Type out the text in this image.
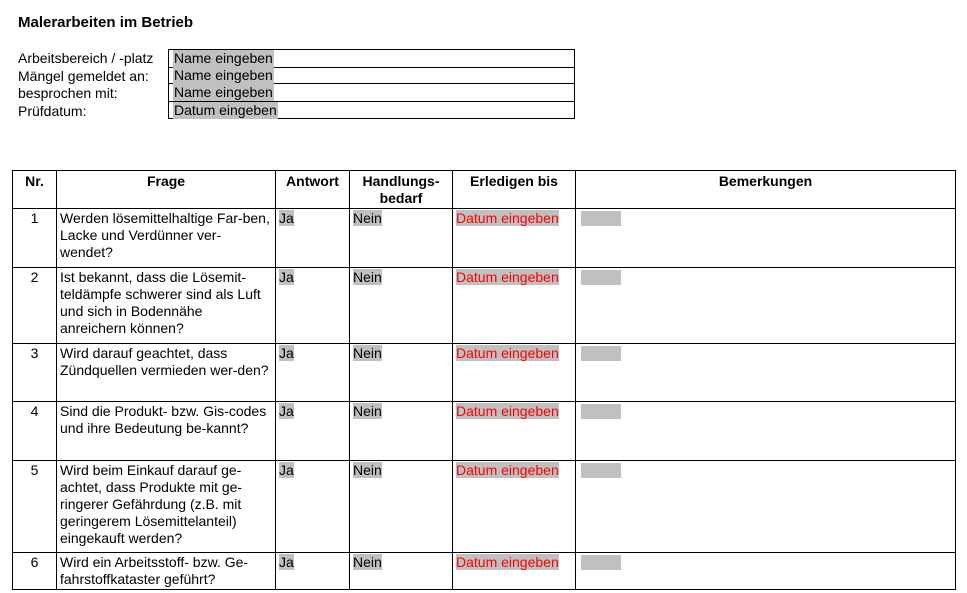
Malerarbeiten im Betrieb
Arbeitsbereich / -platz Name eingeben
Mängel gemeldet an: Name eingeben
besprochen mit:	Name eingeben
Prüfdatum:	Datum eingeben
Nr.	Frage	Antwort	Handlungs-​bedarf	Erledigen bis	Bemerkungen
1	Werden lösemittelhaltige Far-​ben, Lacke und Verdünner ver-​wendet?	Ja	Nein	Datum eingeben	
2	Ist bekannt, dass die Lösemit-​teldämpfe schwerer sind als Luft und sich in Bodennähe anreichern können?	Ja	Nein	Datum eingeben	
3	Wird darauf geachtet, dass Zündquellen vermieden wer-​den?	Ja	Nein	Datum eingeben	
4	Sind die Produkt- bzw. Gis-​codes und ihre Bedeutung be-​kannt?	Ja	Nein	Datum eingeben	
5	Wird beim Einkauf darauf ge-​achtet, dass Produkte mit ge-​ringerer Gefährdung (z.B. mit geringerem Lösemittelanteil) eingekauft werden?	Ja	Nein	Datum eingeben	
6	Wird ein Arbeitsstoff- bzw. Ge-​fahrstoffkataster geführt?	Ja	Nein	Datum eingeben	
